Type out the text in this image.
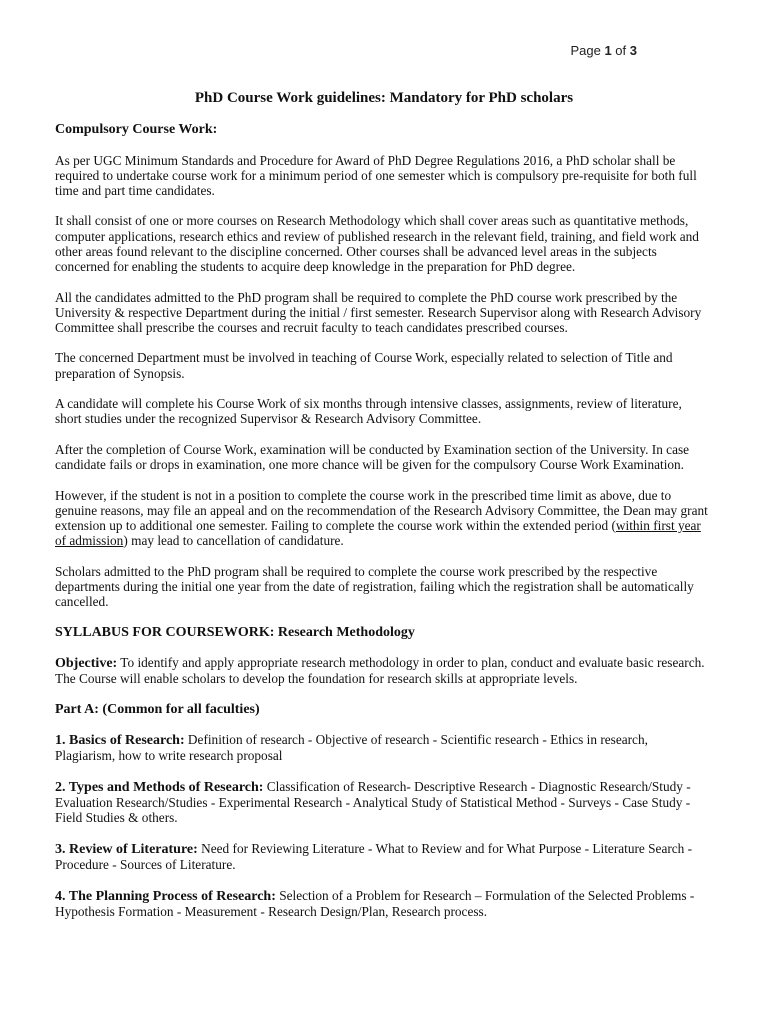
Page 1 of 3
PhD Course Work guidelines: Mandatory for PhD scholars

Compulsory Course Work:

As per UGC Minimum Standards and Procedure for Award of PhD Degree Regulations 2016, a PhD scholar shall be required to undertake course work for a minimum period of one semester which is compulsory pre-requisite for both full time and part time candidates.

It shall consist of one or more courses on Research Methodology which shall cover areas such as quantitative methods, computer applications, research ethics and review of published research in the relevant field, training, and field work and other areas found relevant to the discipline concerned. Other courses shall be advanced level areas in the subjects concerned for enabling the students to acquire deep knowledge in the preparation for PhD degree.

All the candidates admitted to the PhD program shall be required to complete the PhD course work prescribed by the University & respective Department during the initial / first semester. Research Supervisor along with Research Advisory Committee shall prescribe the courses and recruit faculty to teach candidates prescribed courses.

The concerned Department must be involved in teaching of Course Work, especially related to selection of Title and preparation of Synopsis.

A candidate will complete his Course Work of six months through intensive classes, assignments, review of literature, short studies under the recognized Supervisor & Research Advisory Committee.

After the completion of Course Work, examination will be conducted by Examination section of the University. In case candidate fails or drops in examination, one more chance will be given for the compulsory Course Work Examination.

However, if the student is not in a position to complete the course work in the prescribed time limit as above, due to genuine reasons, may file an appeal and on the recommendation of the Research Advisory Committee, the Dean may grant extension up to additional one semester. Failing to complete the course work within the extended period (within first year of admission) may lead to cancellation of candidature.

Scholars admitted to the PhD program shall be required to complete the course work prescribed by the respective departments during the initial one year from the date of registration, failing which the registration shall be automatically cancelled.

SYLLABUS FOR COURSEWORK: Research Methodology

Objective: To identify and apply appropriate research methodology in order to plan, conduct and evaluate basic research. The Course will enable scholars to develop the foundation for research skills at appropriate levels.

Part A: (Common for all faculties)

1. Basics of Research: Definition of research - Objective of research - Scientific research - Ethics in research, Plagiarism, how to write research proposal

2. Types and Methods of Research: Classification of Research- Descriptive Research - Diagnostic Research/Study - Evaluation Research/Studies - Experimental Research - Analytical Study of Statistical Method - Surveys - Case Study - Field Studies & others.

3. Review of Literature: Need for Reviewing Literature - What to Review and for What Purpose - Literature Search - Procedure - Sources of Literature.

4. The Planning Process of Research: Selection of a Problem for Research – Formulation of the Selected Problems - Hypothesis Formation - Measurement - Research Design/Plan, Research process.
